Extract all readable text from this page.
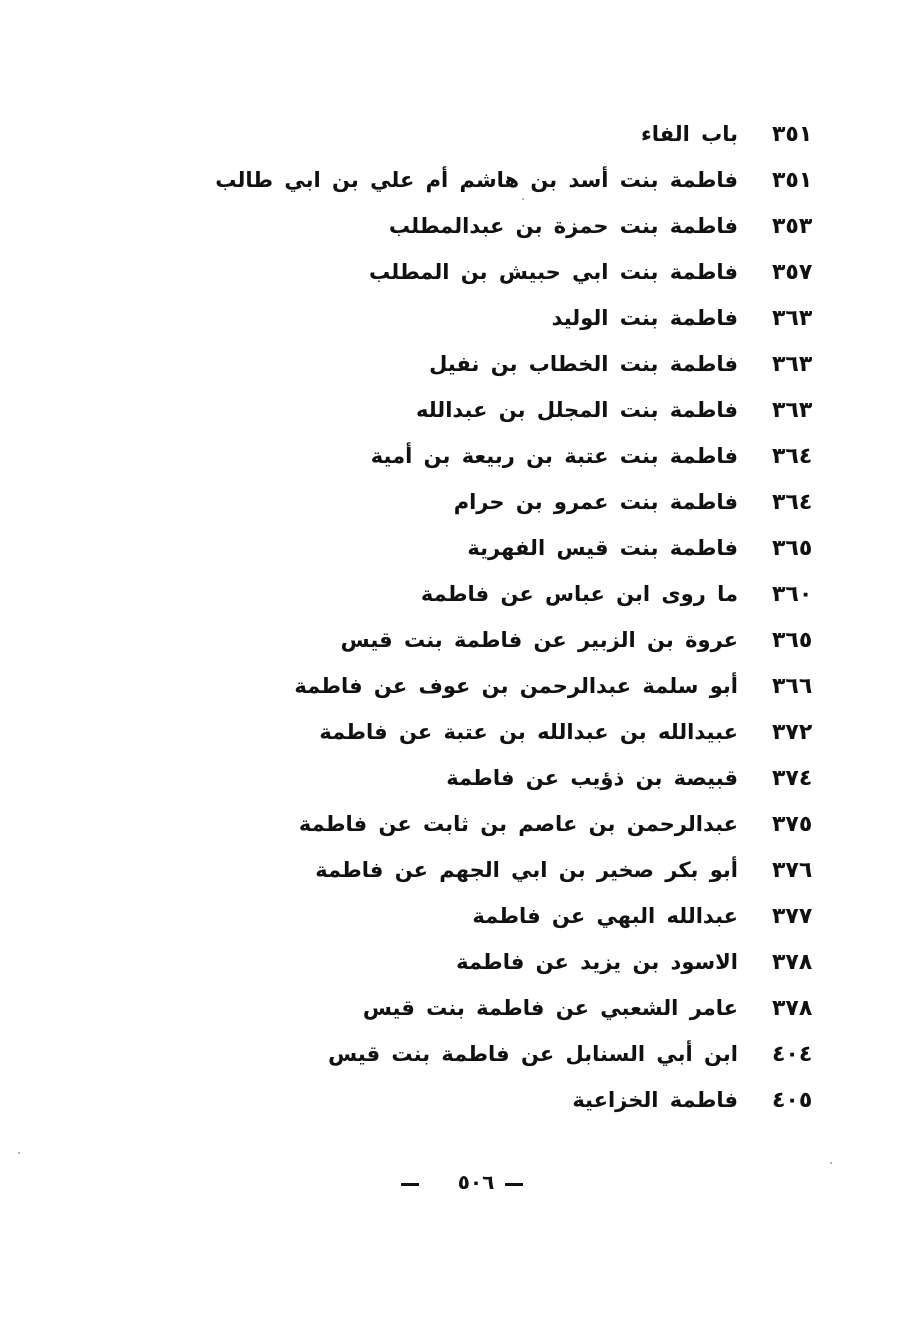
٣٥١
باب الفاء
٣٥١
فاطمة بنت أسد بن هاشم أم علي بن ابي طالب
٣٥٣
فاطمة بنت حمزة بن عبدالمطلب
٣٥٧
فاطمة بنت ابي حبيش بن المطلب
٣٦٣
فاطمة بنت الوليد
٣٦٣
فاطمة بنت الخطاب بن نفيل
٣٦٣
فاطمة بنت المجلل بن عبدالله
٣٦٤
فاطمة بنت عتبة بن ربيعة بن أمية
٣٦٤
فاطمة بنت عمرو بن حرام
٣٦٥
فاطمة بنت قيس الفهرية
٣٦٠
ما روى ابن عباس عن فاطمة
٣٦٥
عروة بن الزبير عن فاطمة بنت قيس
٣٦٦
أبو سلمة عبدالرحمن بن عوف عن فاطمة
٣٧٢
عبيدالله بن عبدالله بن عتبة عن فاطمة
٣٧٤
قبيصة بن ذؤيب عن فاطمة
٣٧٥
عبدالرحمن بن عاصم بن ثابت عن فاطمة
٣٧٦
أبو بكر صخير بن ابي الجهم عن فاطمة
٣٧٧
عبدالله البهي عن فاطمة
٣٧٨
الاسود بن يزيد عن فاطمة
٣٧٨
عامر الشعبي عن فاطمة بنت قيس
٤٠٤
ابن أبي السنابل عن فاطمة بنت قيس
٤٠٥
فاطمة الخزاعية
٥٠٦
